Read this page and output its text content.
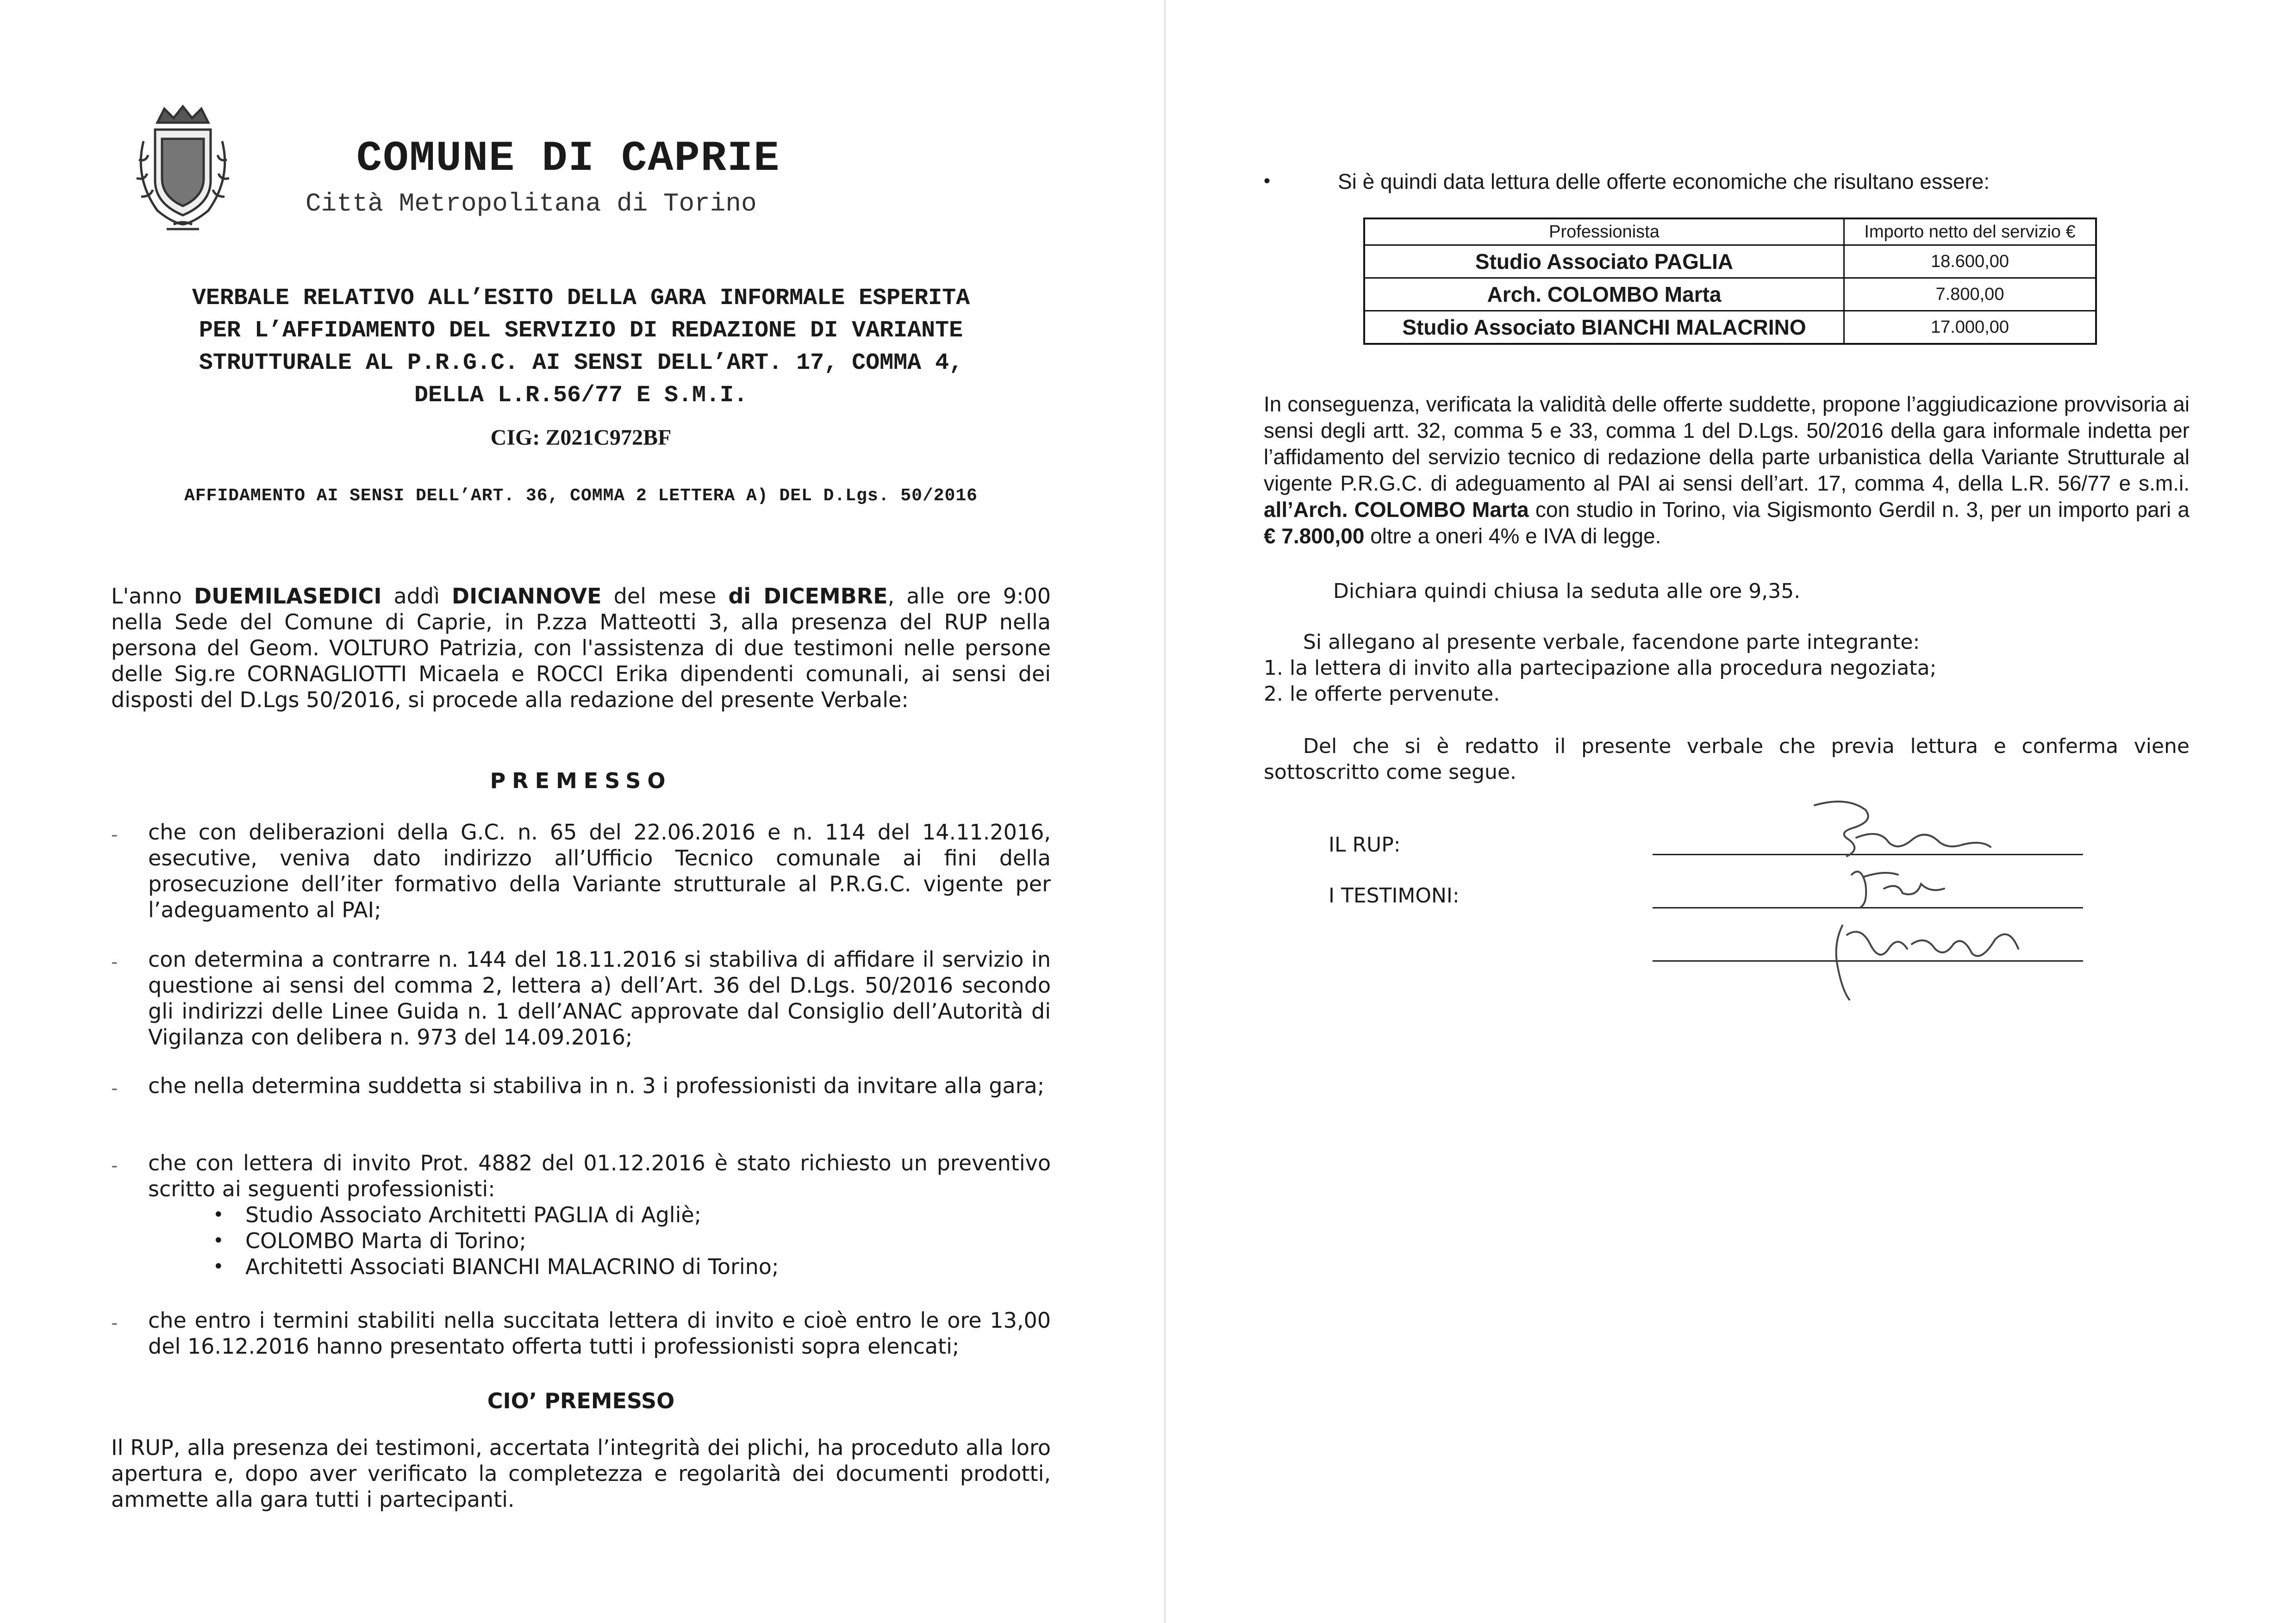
COMUNE DI CAPRIE
Città Metropolitana di Torino
VERBALE RELATIVO ALL’ESITO DELLA GARA INFORMALE ESPERITA
PER L’AFFIDAMENTO DEL SERVIZIO DI REDAZIONE DI VARIANTE
STRUTTURALE AL P.R.G.C. AI SENSI DELL’ART. 17, COMMA 4,
DELLA L.R.56/77 E S.M.I.
CIG: Z021C972BF
AFFIDAMENTO AI SENSI DELL’ART. 36, COMMA 2 LETTERA A) DEL D.Lgs. 50/2016
L'anno DUEMILASEDICI addì DICIANNOVE del mese di DICEMBRE, alle ore 9:00 nella Sede del Comune di Caprie, in P.zza Matteotti 3, alla presenza del RUP nella persona del Geom. VOLTURO Patrizia, con l'assistenza di due testimoni nelle persone delle Sig.re CORNAGLIOTTI Micaela e ROCCI Erika dipendenti comunali, ai sensi dei disposti del D.Lgs 50/2016, si procede alla redazione del presente Verbale:
PREMESSO
- che con deliberazioni della G.C. n. 65 del 22.06.2016 e n. 114 del 14.11.2016, esecutive, veniva dato indirizzo all’Ufficio Tecnico comunale ai fini della prosecuzione dell’iter formativo della Variante strutturale al P.R.G.C. vigente per l’adeguamento al PAI;
- con determina a contrarre n. 144 del 18.11.2016 si stabiliva di affidare il servizio in questione ai sensi del comma 2, lettera a) dell’Art. 36 del D.Lgs. 50/2016 secondo gli indirizzi delle Linee Guida n. 1 dell’ANAC approvate dal Consiglio dell’Autorità di Vigilanza con delibera n. 973 del 14.09.2016;
- che nella determina suddetta si stabiliva in n. 3 i professionisti da invitare alla gara;
- che con lettera di invito Prot. 4882 del 01.12.2016 è stato richiesto un preventivo scritto ai seguenti professionisti:
• Studio Associato Architetti PAGLIA di Agliè;
• COLOMBO Marta di Torino;
• Architetti Associati BIANCHI MALACRINO di Torino;
- che entro i termini stabiliti nella succitata lettera di invito e cioè entro le ore 13,00 del 16.12.2016 hanno presentato offerta tutti i professionisti sopra elencati;
CIO’ PREMESSO
Il RUP, alla presenza dei testimoni, accertata l’integrità dei plichi, ha proceduto alla loro apertura e, dopo aver verificato la completezza e regolarità dei documenti prodotti, ammette alla gara tutti i partecipanti.
•	Si è quindi data lettura delle offerte economiche che risultano essere:
Professionista	Importo netto del servizio €
Studio Associato PAGLIA	18.600,00
Arch. COLOMBO Marta	7.800,00
Studio Associato BIANCHI MALACRINO	17.000,00
In conseguenza, verificata la validità delle offerte suddette, propone l’aggiudicazione provvisoria ai sensi degli artt. 32, comma 5 e 33, comma 1 del D.Lgs. 50/2016 della gara informale indetta per l’affidamento del servizio tecnico di redazione della parte urbanistica della Variante Strutturale al vigente P.R.G.C. di adeguamento al PAI ai sensi dell’art. 17, comma 4, della L.R. 56/77 e s.m.i. all’Arch. COLOMBO Marta con studio in Torino, via Sigismonto Gerdil n. 3, per un importo pari a € 7.800,00 oltre a oneri 4% e IVA di legge.
Dichiara quindi chiusa la seduta alle ore 9,35.
Si allegano al presente verbale, facendone parte integrante:
1. la lettera di invito alla partecipazione alla procedura negoziata;
2. le offerte pervenute.
Del che si è redatto il presente verbale che previa lettura e conferma viene sottoscritto come segue.
IL RUP:
I TESTIMONI:
